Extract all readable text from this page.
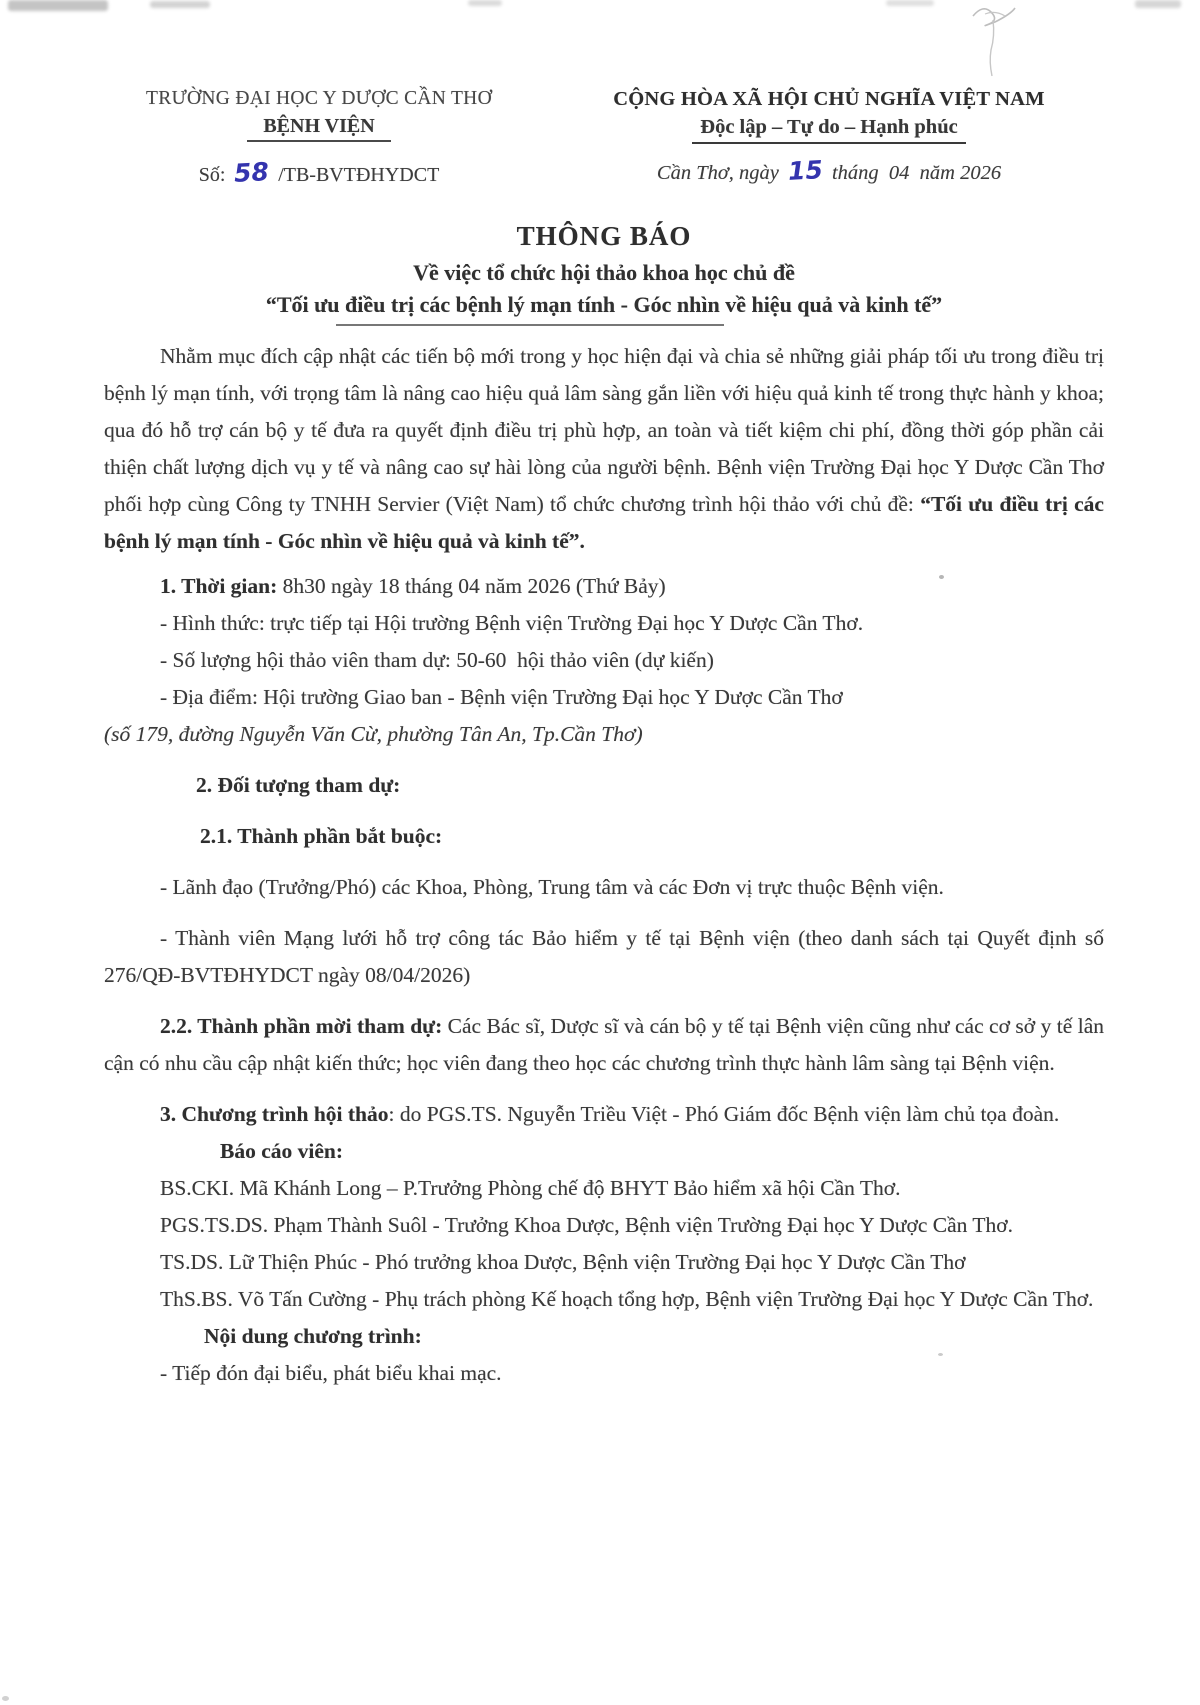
TRƯỜNG ĐẠI HỌC Y DƯỢC CẦN THƠ
BỆNH VIỆN
Số: 58 /TB-BVTĐHYDCT
CỘNG HÒA XÃ HỘI CHỦ NGHĨA VIỆT NAM
Độc lập – Tự do – Hạnh phúc
Cần Thơ, ngày 15 tháng  04  năm 2026
THÔNG BÁO
Về việc tổ chức hội thảo khoa học chủ đề
“Tối ưu điều trị các bệnh lý mạn tính - Góc nhìn về hiệu quả và kinh tế”

Nhằm mục đích cập nhật các tiến bộ mới trong y học hiện đại và chia sẻ những giải pháp tối ưu trong điều trị bệnh lý mạn tính, với trọng tâm là nâng cao hiệu quả lâm sàng gắn liền với hiệu quả kinh tế trong thực hành y khoa; qua đó hỗ trợ cán bộ y tế đưa ra quyết định điều trị phù hợp, an toàn và tiết kiệm chi phí, đồng thời góp phần cải thiện chất lượng dịch vụ y tế và nâng cao sự hài lòng của người bệnh. Bệnh viện Trường Đại học Y Dược Cần Thơ phối hợp cùng Công ty TNHH Servier (Việt Nam) tổ chức chương trình hội thảo với chủ đề: “Tối ưu điều trị các bệnh lý mạn tính - Góc nhìn về hiệu quả và kinh tế”.

1. Thời gian: 8h30 ngày 18 tháng 04 năm 2026 (Thứ Bảy)

- Hình thức: trực tiếp tại Hội trường Bệnh viện Trường Đại học Y Dược Cần Thơ.

- Số lượng hội thảo viên tham dự: 50-60  hội thảo viên (dự kiến)

- Địa điểm: Hội trường Giao ban - Bệnh viện Trường Đại học Y Dược Cần Thơ

(số 179, đường Nguyễn Văn Cừ, phường Tân An, Tp.Cần Thơ)

2. Đối tượng tham dự:

2.1. Thành phần bắt buộc:

- Lãnh đạo (Trưởng/Phó) các Khoa, Phòng, Trung tâm và các Đơn vị trực thuộc Bệnh viện.

- Thành viên Mạng lưới hỗ trợ công tác Bảo hiểm y tế tại Bệnh viện (theo danh sách tại Quyết định số 276/QĐ-BVTĐHYDCT ngày 08/04/2026)

2.2. Thành phần mời tham dự: Các Bác sĩ, Dược sĩ và cán bộ y tế tại Bệnh viện cũng như các cơ sở y tế lân cận có nhu cầu cập nhật kiến thức; học viên đang theo học các chương trình thực hành lâm sàng tại Bệnh viện.

3. Chương trình hội thảo: do PGS.TS. Nguyễn Triều Việt - Phó Giám đốc Bệnh viện làm chủ tọa đoàn.

Báo cáo viên:

BS.CKI. Mã Khánh Long – P.Trưởng Phòng chế độ BHYT Bảo hiểm xã hội Cần Thơ.

PGS.TS.DS. Phạm Thành Suôl - Trưởng Khoa Dược, Bệnh viện Trường Đại học Y Dược Cần Thơ.

TS.DS. Lữ Thiện Phúc - Phó trưởng khoa Dược, Bệnh viện Trường Đại học Y Dược Cần Thơ

ThS.BS. Võ Tấn Cường - Phụ trách phòng Kế hoạch tổng hợp, Bệnh viện Trường Đại học Y Dược Cần Thơ.

Nội dung chương trình:

- Tiếp đón đại biểu, phát biểu khai mạc.
